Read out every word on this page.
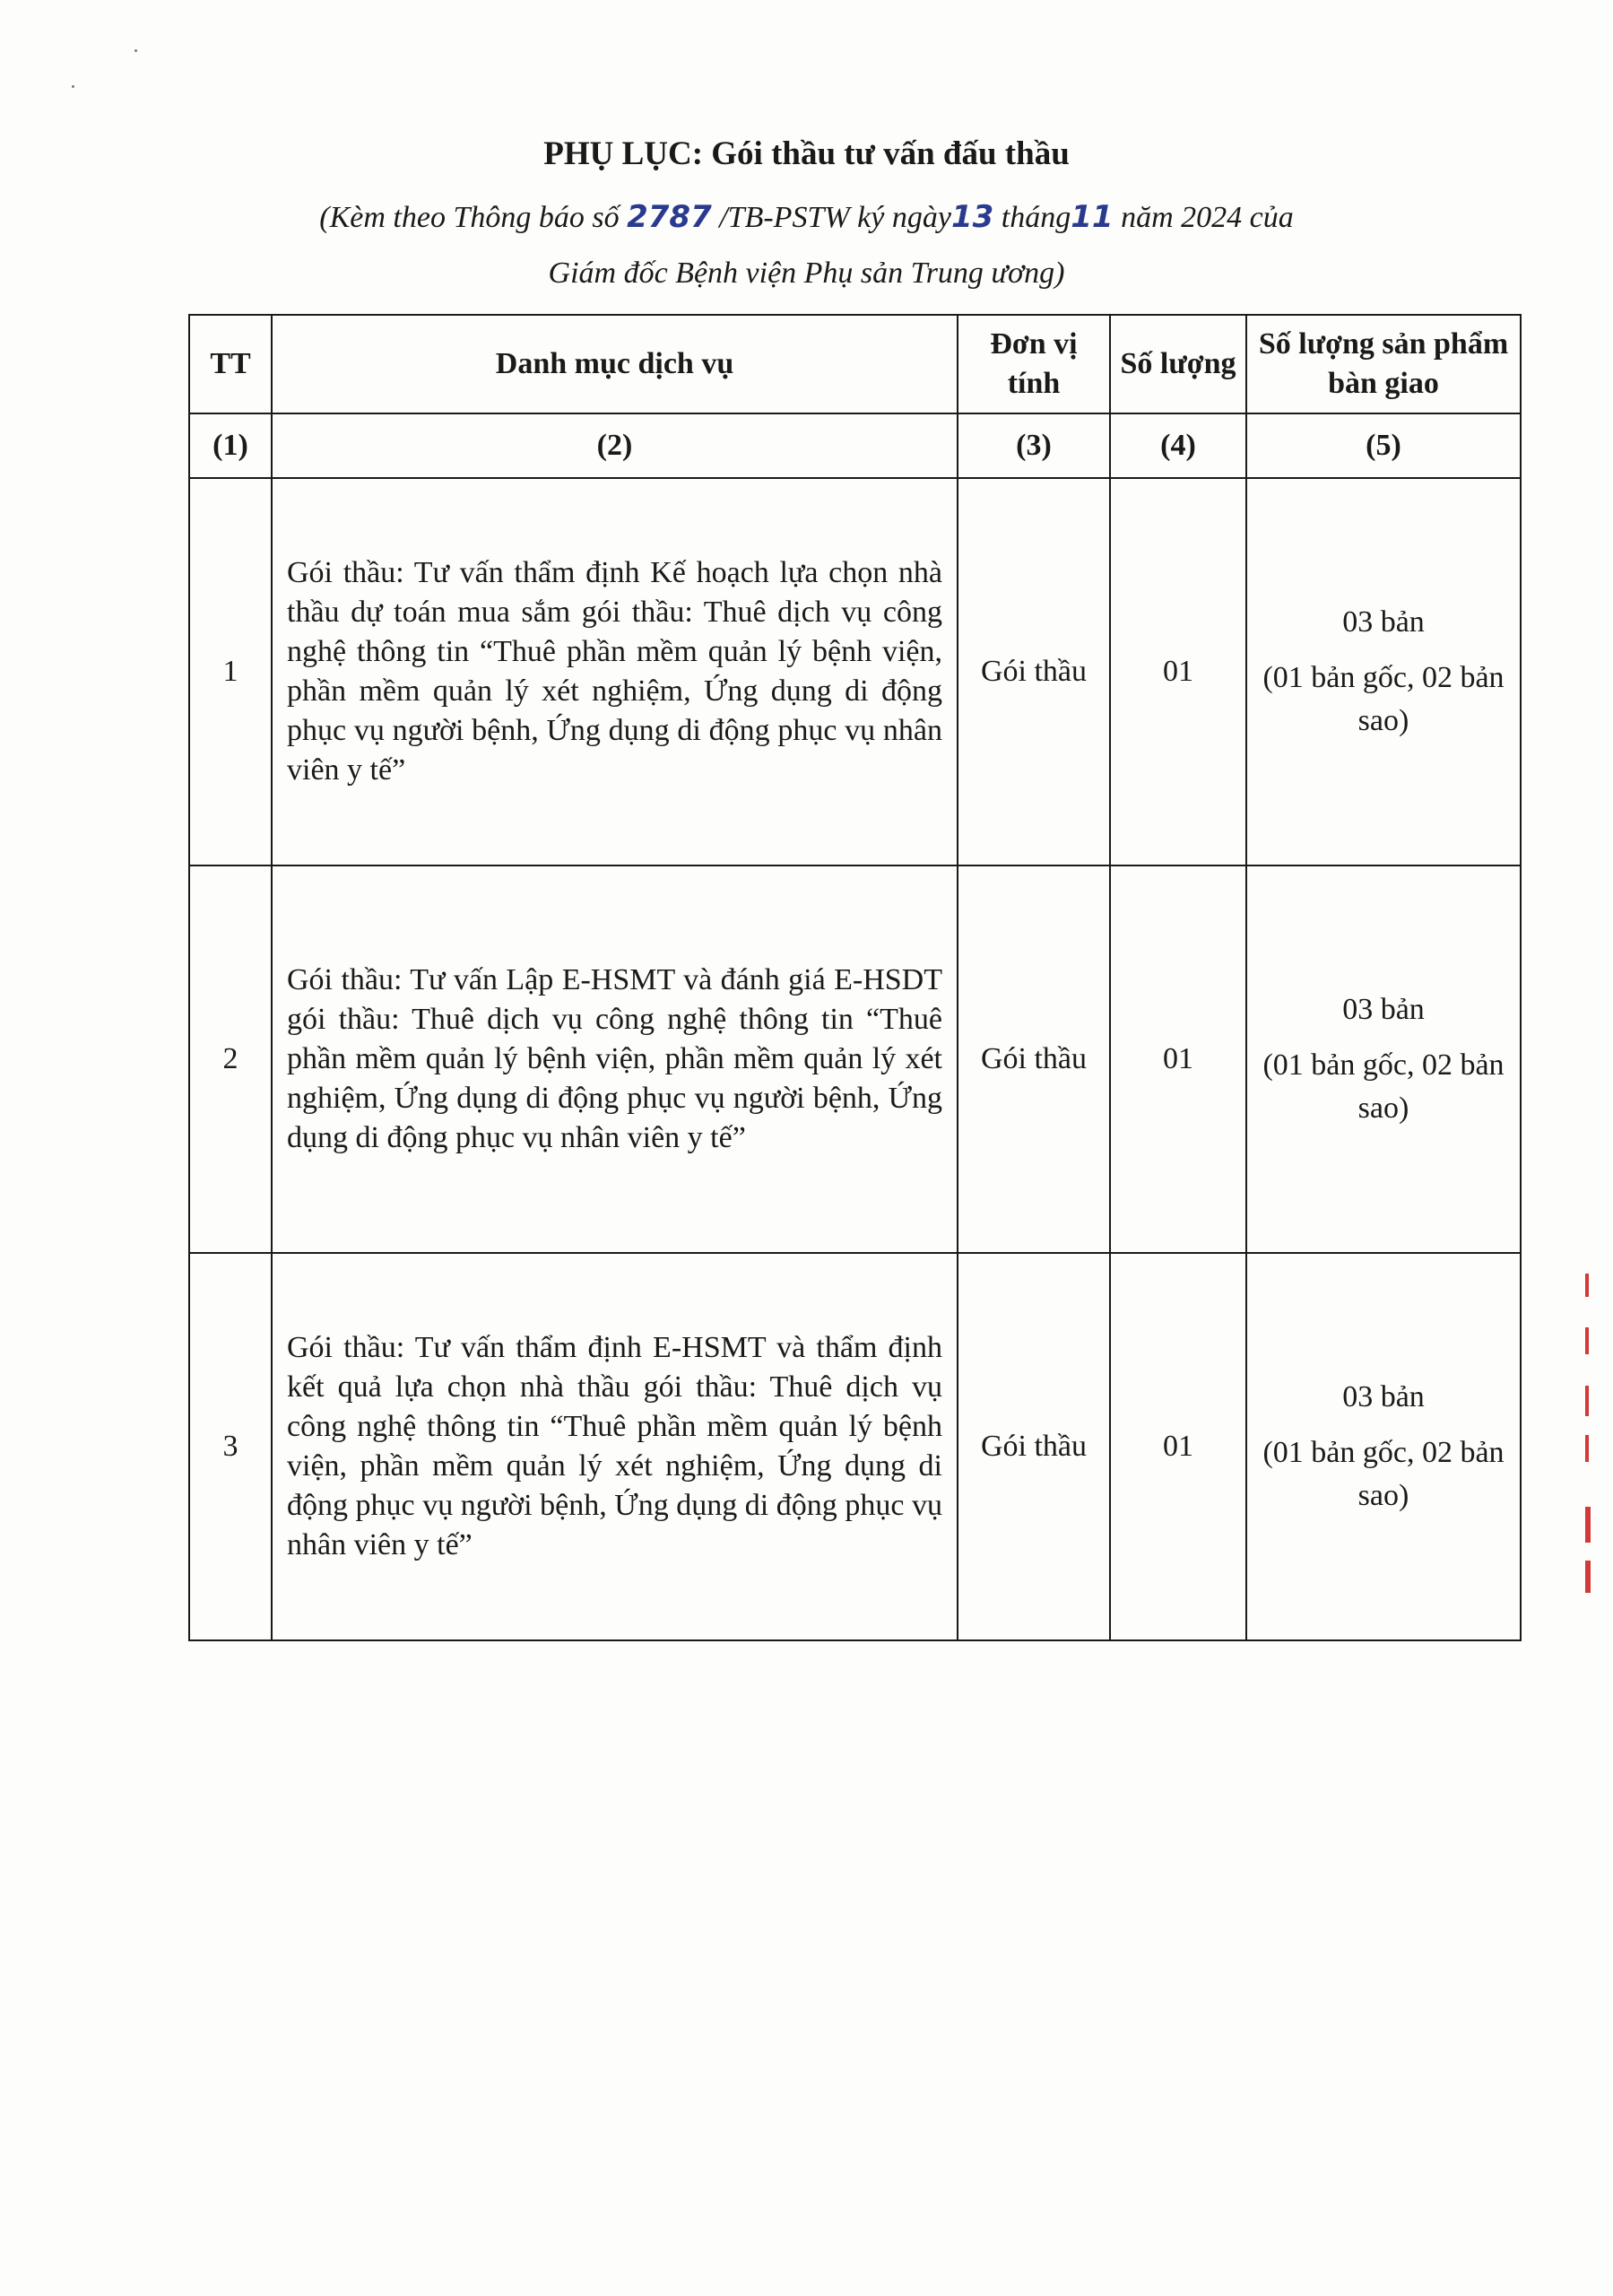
PHỤ LỤC: Gói thầu tư vấn đấu thầu
(Kèm theo Thông báo số 2787 /TB-PSTW ký ngày13 tháng11 năm 2024 của
Giám đốc Bệnh viện Phụ sản Trung ương)
TT	Danh mục dịch vụ	Đơn vị tính	Số lượng	Số lượng sản phẩm bàn giao
(1)	(2)	(3)	(4)	(5)
1	Gói thầu: Tư vấn thẩm định Kế hoạch lựa chọn nhà thầu dự toán mua sắm gói thầu: Thuê dịch vụ công nghệ thông tin “Thuê phần mềm quản lý bệnh viện, phần mềm quản lý xét nghiệm, Ứng dụng di động phục vụ người bệnh, Ứng dụng di động phục vụ nhân viên y tế”	Gói thầu	01	03 bản
(01 bản gốc, 02 bản sao)

2	Gói thầu: Tư vấn Lập E-HSMT và đánh giá E-HSDT gói thầu: Thuê dịch vụ công nghệ thông tin “Thuê phần mềm quản lý bệnh viện, phần mềm quản lý xét nghiệm, Ứng dụng di động phục vụ người bệnh, Ứng dụng di động phục vụ nhân viên y tế”	Gói thầu	01	03 bản
(01 bản gốc, 02 bản sao)

3	Gói thầu: Tư vấn thẩm định E-HSMT và thẩm định kết quả lựa chọn nhà thầu gói thầu: Thuê dịch vụ công nghệ thông tin “Thuê phần mềm quản lý bệnh viện, phần mềm quản lý xét nghiệm, Ứng dụng di động phục vụ người bệnh, Ứng dụng di động phục vụ nhân viên y tế”	Gói thầu	01	03 bản
(01 bản gốc, 02 bản sao)
